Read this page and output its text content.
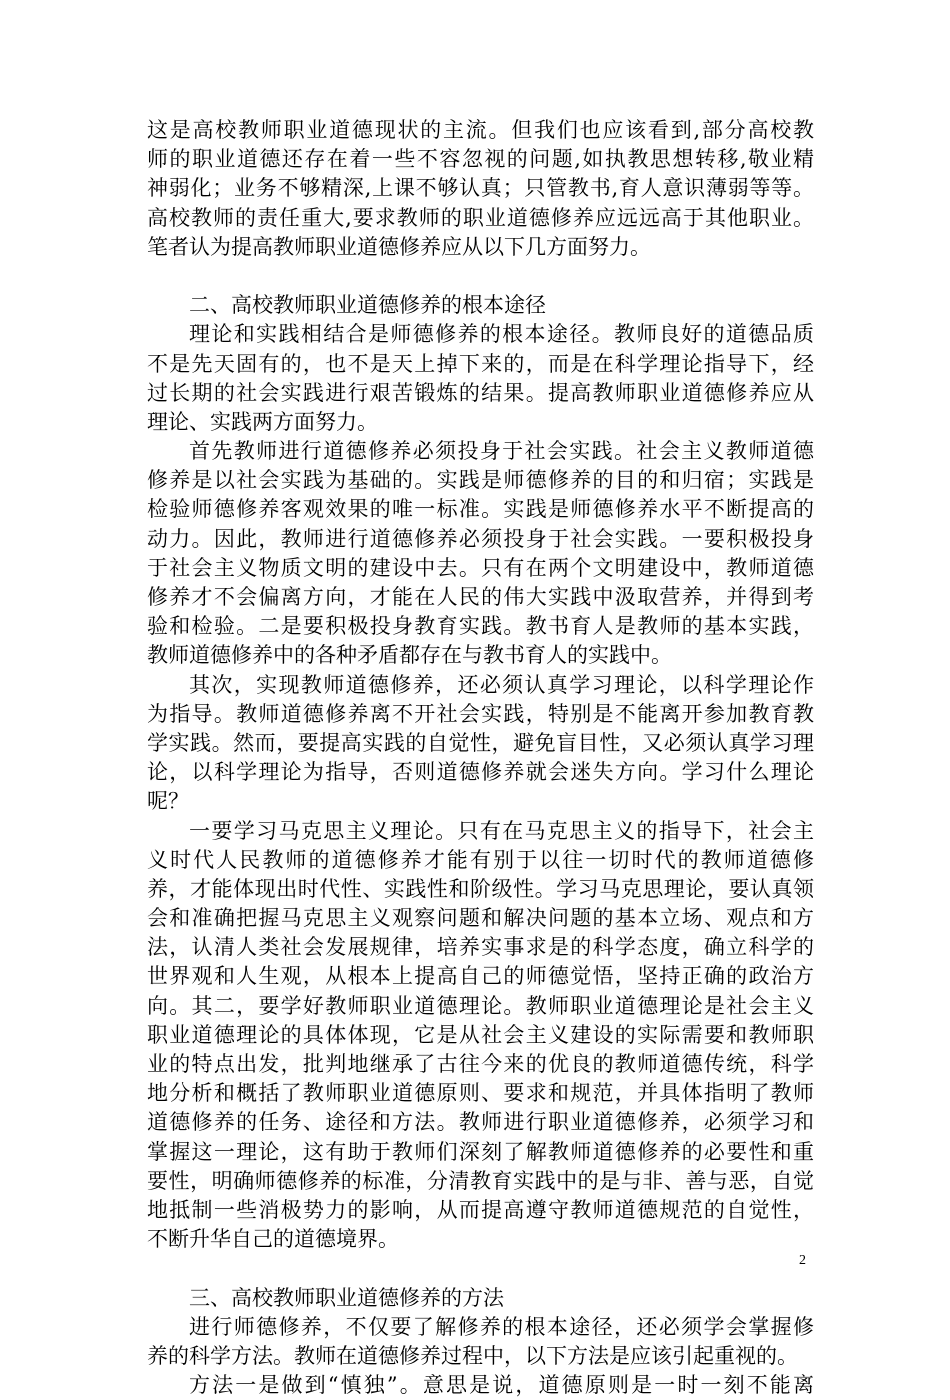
这是高校教师职业道德现状的主流。但我们也应该看到,部分高校教
师的职业道德还存在着一些不容忽视的问题,如执教思想转移,敬业精
神弱化；业务不够精深,上课不够认真；只管教书,育人意识薄弱等等。
高校教师的责任重大,要求教师的职业道德修养应远远高于其他职业。
笔者认为提高教师职业道德修养应从以下几方面努力。
二、高校教师职业道德修养的根本途径
理论和实践相结合是师德修养的根本途径。教师良好的道德品质
不是先天固有的，也不是天上掉下来的，而是在科学理论指导下，经
过长期的社会实践进行艰苦锻炼的结果。提高教师职业道德修养应从
理论、实践两方面努力。
首先教师进行道德修养必须投身于社会实践。社会主义教师道德
修养是以社会实践为基础的。实践是师德修养的目的和归宿；实践是
检验师德修养客观效果的唯一标准。实践是师德修养水平不断提高的
动力。因此，教师进行道德修养必须投身于社会实践。一要积极投身
于社会主义物质文明的建设中去。只有在两个文明建设中，教师道德
修养才不会偏离方向，才能在人民的伟大实践中汲取营养，并得到考
验和检验。二是要积极投身教育实践。教书育人是教师的基本实践，
教师道德修养中的各种矛盾都存在与教书育人的实践中。
其次，实现教师道德修养，还必须认真学习理论，以科学理论作
为指导。教师道德修养离不开社会实践，特别是不能离开参加教育教
学实践。然而，要提高实践的自觉性，避免盲目性，又必须认真学习理
论，以科学理论为指导，否则道德修养就会迷失方向。学习什么理论
呢？
一要学习马克思主义理论。只有在马克思主义的指导下，社会主
义时代人民教师的道德修养才能有别于以往一切时代的教师道德修
养，才能体现出时代性、实践性和阶级性。学习马克思理论，要认真领
会和准确把握马克思主义观察问题和解决问题的基本立场、观点和方
法，认清人类社会发展规律，培养实事求是的科学态度，确立科学的
世界观和人生观，从根本上提高自己的师德觉悟，坚持正确的政治方
向。其二，要学好教师职业道德理论。教师职业道德理论是社会主义
职业道德理论的具体体现，它是从社会主义建设的实际需要和教师职
业的特点出发，批判地继承了古往今来的优良的教师道德传统，科学
地分析和概括了教师职业道德原则、要求和规范，并具体指明了教师
道德修养的任务、途径和方法。教师进行职业道德修养，必须学习和
掌握这一理论，这有助于教师们深刻了解教师道德修养的必要性和重
要性，明确师德修养的标准，分清教育实践中的是与非、善与恶，自觉
地抵制一些消极势力的影响，从而提高遵守教师道德规范的自觉性，
不断升华自己的道德境界。
三、高校教师职业道德修养的方法
进行师德修养，不仅要了解修养的根本途径，还必须学会掌握修
养的科学方法。教师在道德修养过程中，以下方法是应该引起重视的。
方法一是做到“慎独”。意思是说，道德原则是一时一刻不能离
2
